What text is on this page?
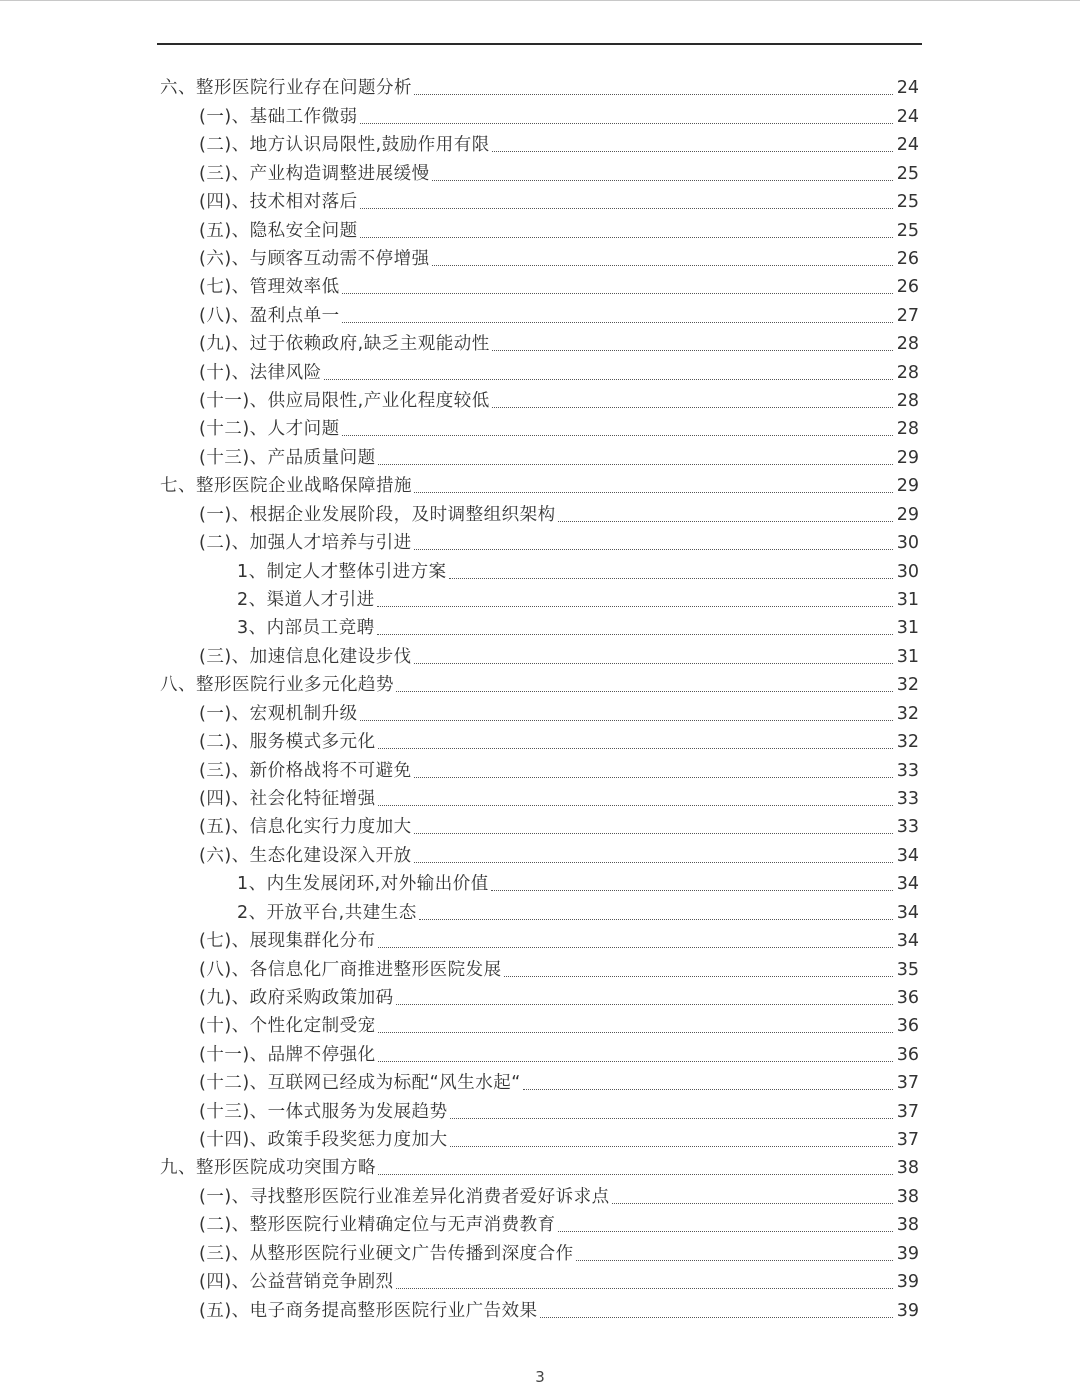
六、整形医院行业存在问题分析	24
(一)、基础工作微弱	24
(二)、地方认识局限性,鼓励作用有限	24
(三)、产业构造调整进展缓慢	25
(四)、技术相对落后	25
(五)、隐私安全问题	25
(六)、与顾客互动需不停增强	26
(七)、管理效率低	26
(八)、盈利点单一	27
(九)、过于依赖政府,缺乏主观能动性	28
(十)、法律风险	28
(十一)、供应局限性,产业化程度较低	28
(十二)、人才问题	28
(十三)、产品质量问题	29
七、整形医院企业战略保障措施	29
(一)、根据企业发展阶段，及时调整组织架构	29
(二)、加强人才培养与引进	30
1、制定人才整体引进方案	30
2、渠道人才引进	31
3、内部员工竞聘	31
(三)、加速信息化建设步伐	31
八、整形医院行业多元化趋势	32
(一)、宏观机制升级	32
(二)、服务模式多元化	32
(三)、新价格战将不可避免	33
(四)、社会化特征增强	33
(五)、信息化实行力度加大	33
(六)、生态化建设深入开放	34
1、内生发展闭环,对外输出价值	34
2、开放平台,共建生态	34
(七)、展现集群化分布	34
(八)、各信息化厂商推进整形医院发展	35
(九)、政府采购政策加码	36
(十)、个性化定制受宠	36
(十一)、品牌不停强化	36
(十二)、互联网已经成为标配“风生水起“	37
(十三)、一体式服务为发展趋势	37
(十四)、政策手段奖惩力度加大	37
九、整形医院成功突围方略	38
(一)、寻找整形医院行业准差异化消费者爱好诉求点	38
(二)、整形医院行业精确定位与无声消费教育	38
(三)、从整形医院行业硬文广告传播到深度合作	39
(四)、公益营销竞争剧烈	39
(五)、电子商务提高整形医院行业广告效果	39
3
